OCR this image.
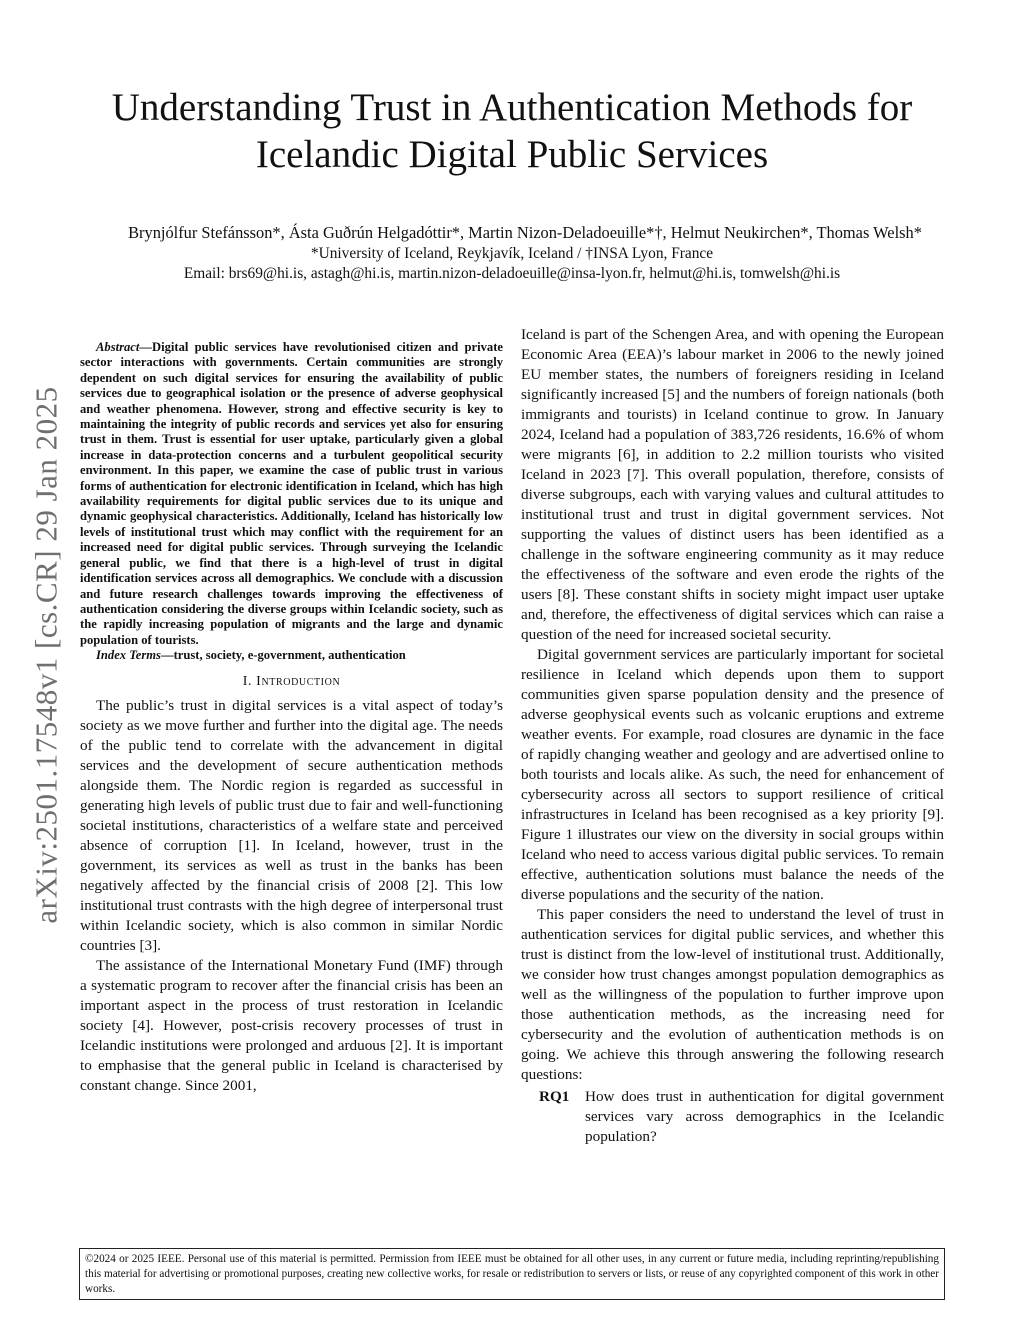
arXiv:2501.17548v1 [cs.CR] 29 Jan 2025
Understanding Trust in Authentication Methods for Icelandic Digital Public Services
Brynjólfur Stefánsson*, Ásta Guðrún Helgadóttir*, Martin Nizon-Deladoeuille*†, Helmut Neukirchen*, Thomas Welsh*
*University of Iceland, Reykjavík, Iceland / †INSA Lyon, France
Email: brs69@hi.is, astagh@hi.is, martin.nizon-deladoeuille@insa-lyon.fr, helmut@hi.is, tomwelsh@hi.is

Abstract—Digital public services have revolutionised citizen and private sector interactions with governments. Certain communities are strongly dependent on such digital services for ensuring the availability of public services due to geographical isolation or the presence of adverse geophysical and weather phenomena. However, strong and effective security is key to maintaining the integrity of public records and services yet also for ensuring trust in them. Trust is essential for user uptake, particularly given a global increase in data-protection concerns and a turbulent geopolitical security environment. In this paper, we examine the case of public trust in various forms of authentication for electronic identification in Iceland, which has high availability requirements for digital public services due to its unique and dynamic geophysical characteristics. Additionally, Iceland has historically low levels of institutional trust which may conflict with the requirement for an increased need for digital public services. Through surveying the Icelandic general public, we find that there is a high-level of trust in digital identification services across all demographics. We conclude with a discussion and future research challenges towards improving the effectiveness of authentication considering the diverse groups within Icelandic society, such as the rapidly increasing population of migrants and the large and dynamic population of tourists.

Index Terms—trust, society, e-government, authentication

I. Introduction

The public’s trust in digital services is a vital aspect of today’s society as we move further and further into the digital age. The needs of the public tend to correlate with the advancement in digital services and the development of secure authentication methods alongside them. The Nordic region is regarded as successful in generating high levels of public trust due to fair and well-functioning societal institutions, characteristics of a welfare state and perceived absence of corruption [1]. In Iceland, however, trust in the government, its services as well as trust in the banks has been negatively affected by the financial crisis of 2008 [2]. This low institutional trust contrasts with the high degree of interpersonal trust within Icelandic society, which is also common in similar Nordic countries [3].

The assistance of the International Monetary Fund (IMF) through a systematic program to recover after the financial crisis has been an important aspect in the process of trust restoration in Icelandic society [4]. However, post-crisis recovery processes of trust in Icelandic institutions were prolonged and arduous [2]. It is important to emphasise that the general public in Iceland is characterised by constant change. Since 2001,

Iceland is part of the Schengen Area, and with opening the European Economic Area (EEA)’s labour market in 2006 to the newly joined EU member states, the numbers of foreigners residing in Iceland significantly increased [5] and the numbers of foreign nationals (both immigrants and tourists) in Iceland continue to grow. In January 2024, Iceland had a population of 383,726 residents, 16.6% of whom were migrants [6], in addition to 2.2 million tourists who visited Iceland in 2023 [7]. This overall population, therefore, consists of diverse subgroups, each with varying values and cultural attitudes to institutional trust and trust in digital government services. Not supporting the values of distinct users has been identified as a challenge in the software engineering community as it may reduce the effectiveness of the software and even erode the rights of the users [8]. These constant shifts in society might impact user uptake and, therefore, the effectiveness of digital services which can raise a question of the need for increased societal security.

Digital government services are particularly important for societal resilience in Iceland which depends upon them to support communities given sparse population density and the presence of adverse geophysical events such as volcanic eruptions and extreme weather events. For example, road closures are dynamic in the face of rapidly changing weather and geology and are advertised online to both tourists and locals alike. As such, the need for enhancement of cybersecurity across all sectors to support resilience of critical infrastructures in Iceland has been recognised as a key priority [9]. Figure 1 illustrates our view on the diversity in social groups within Iceland who need to access various digital public services. To remain effective, authentication solutions must balance the needs of the diverse populations and the security of the nation.

This paper considers the need to understand the level of trust in authentication services for digital public services, and whether this trust is distinct from the low-level of institutional trust. Additionally, we consider how trust changes amongst population demographics as well as the willingness of the population to further improve upon those authentication methods, as the increasing need for cybersecurity and the evolution of authentication methods is on going. We achieve this through answering the following research questions:

RQ1	How does trust in authentication for digital government services vary across demographics in the Icelandic population?
©2024 or 2025 IEEE. Personal use of this material is permitted. Permission from IEEE must be obtained for all other uses, in any current or future media, including reprinting/republishing this material for advertising or promotional purposes, creating new collective works, for resale or redistribution to servers or lists, or reuse of any copyrighted component of this work in other works.
